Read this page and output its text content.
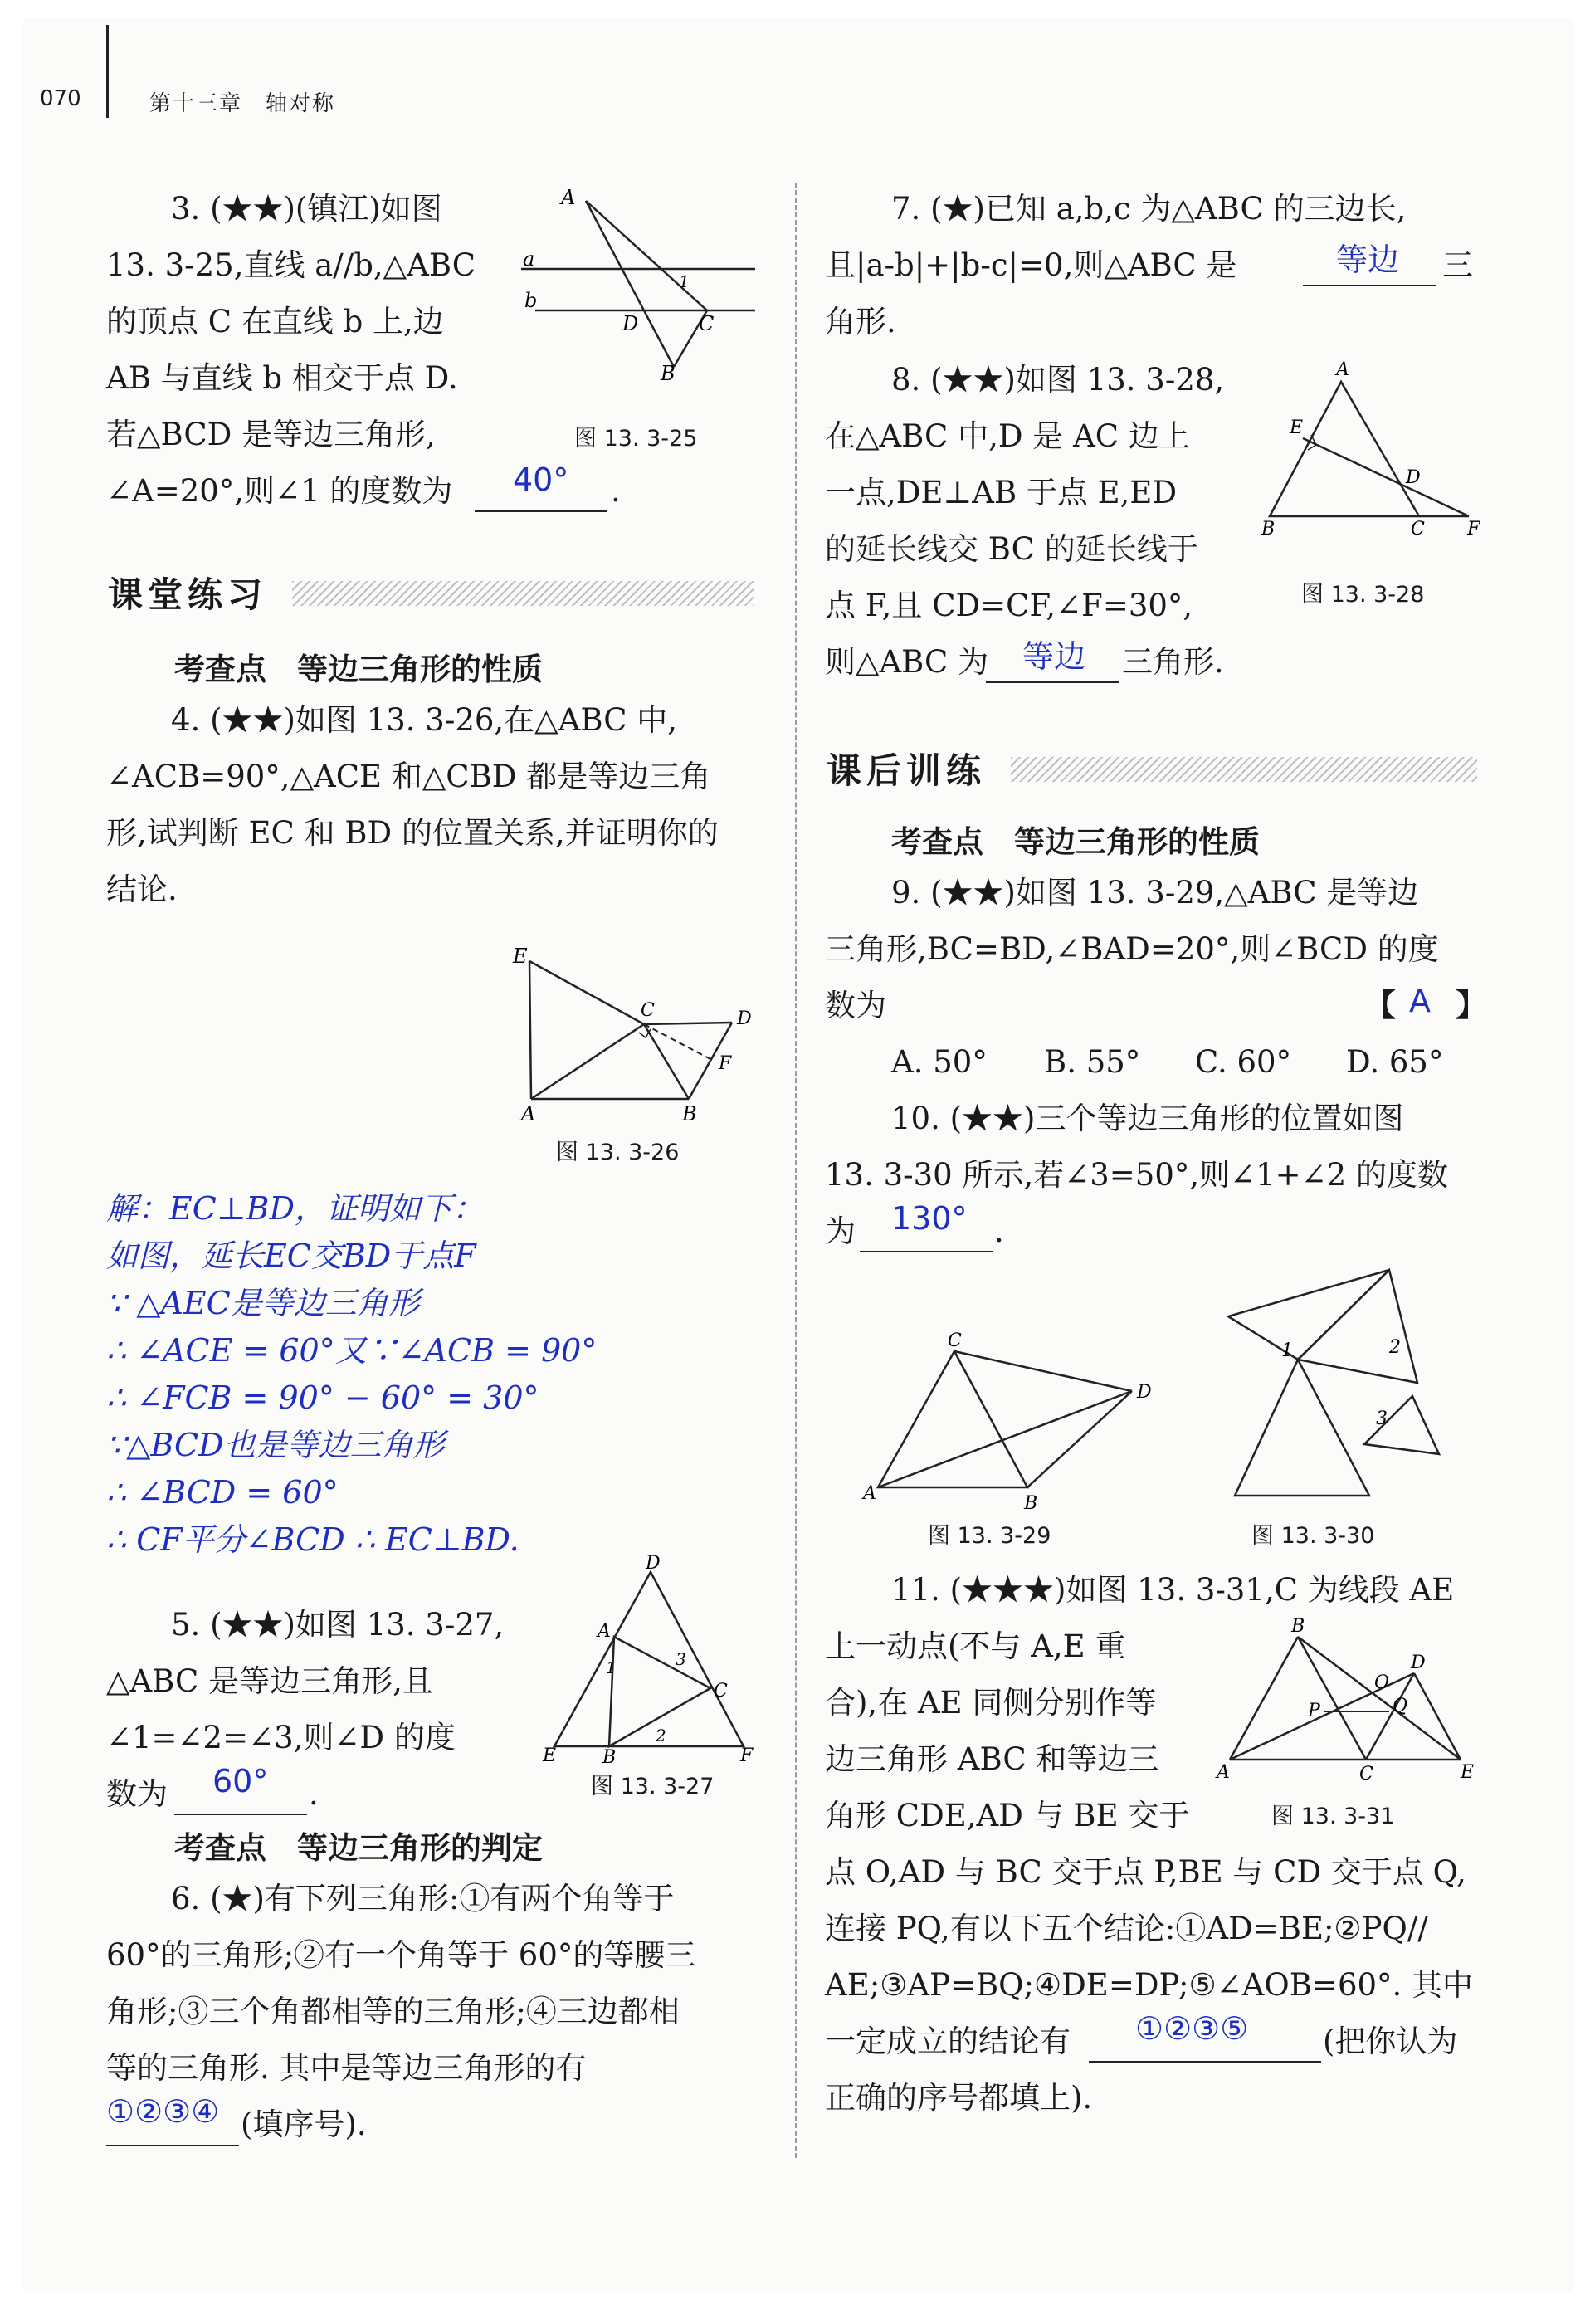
070	第十三章　轴对称
3. (★★)(镇江)如图
13. 3-25,直线 a//b,△ABC
的顶点 C 在直线 b 上,边
AB 与直线 b 相交于点 D.
若△BCD 是等边三角形,
∠A=20°,则∠1 的度数为 40° .
A
a
b
1
D	C
B
图 13. 3-25
课堂练习
考查点　等边三角形的性质
4. (★★)如图 13. 3-26,在△ABC 中,
∠ACB=90°,△ACE 和△CBD 都是等边三角
形,试判断 EC 和 BD 的位置关系,并证明你的
结论.
E
C	D
F
A	B
图 13. 3-26
解：EC⊥BD，证明如下：
如图，延长EC交BD于点F
∵ △AEC是等边三角形
∴ ∠ACE = 60°又∵∠ACB = 90°
∴ ∠FCB = 90° − 60° = 30°
∵△BCD也是等边三角形
∴ ∠BCD = 60°
∴ CF平分∠BCD ∴ EC⊥BD.
5. (★★)如图 13. 3-27,
△ABC 是等边三角形,且
∠1=∠2=∠3,则∠D 的度
数为 60° .
D
A
1	3
C
E	B
2
F
图 13. 3-27
考查点　等边三角形的判定
6. (★)有下列三角形:①有两个角等于
60°的三角形;②有一个角等于 60°的等腰三
角形;③三个角都相等的三角形;④三边都相
等的三角形. 其中是等边三角形的有
①②③④ (填序号).
7. (★)已知 a,b,c 为△ABC 的三边长,
且|a-b|+|b-c|=0,则△ABC 是	等边 三
角形.
8. (★★)如图 13. 3-28,
在△ABC 中,D 是 AC 边上
一点,DE⊥AB 于点 E,ED
的延长线交 BC 的延长线于
点 F,且 CD=CF,∠F=30°,
则△ABC 为 等边 三角形.
A
E
D
B	C F
图 13. 3-28
课后训练
考查点　等边三角形的性质
9. (★★)如图 13. 3-29,△ABC 是等边
三角形,BC=BD,∠BAD=20°,则∠BCD 的度
数为	【 A 】
A. 50° B. 55° C. 60° D. 65°
10. (★★)三个等边三角形的位置如图
13. 3-30 所示,若∠3=50°,则∠1+∠2 的度数
为 130° .
C
D
A	B
图 13. 3-29
1	2
3
图 13. 3-30
11. (★★★)如图 13. 3-31,C 为线段 AE
上一动点(不与 A,E 重
合),在 AE 同侧分别作等
边三角形 ABC 和等边三
角形 CDE,AD 与 BE 交于
点 O,AD 与 BC 交于点 P,BE 与 CD 交于点 Q,
连接 PQ,有以下五个结论:①AD=BE;②PQ//
AE;③AP=BQ;④DE=DP;⑤∠AOB=60°. 其中
一定成立的结论有 ①②③⑤ (把你认为
正确的序号都填上).
B
D
O
P	Q
A	C	E
图 13. 3-31
